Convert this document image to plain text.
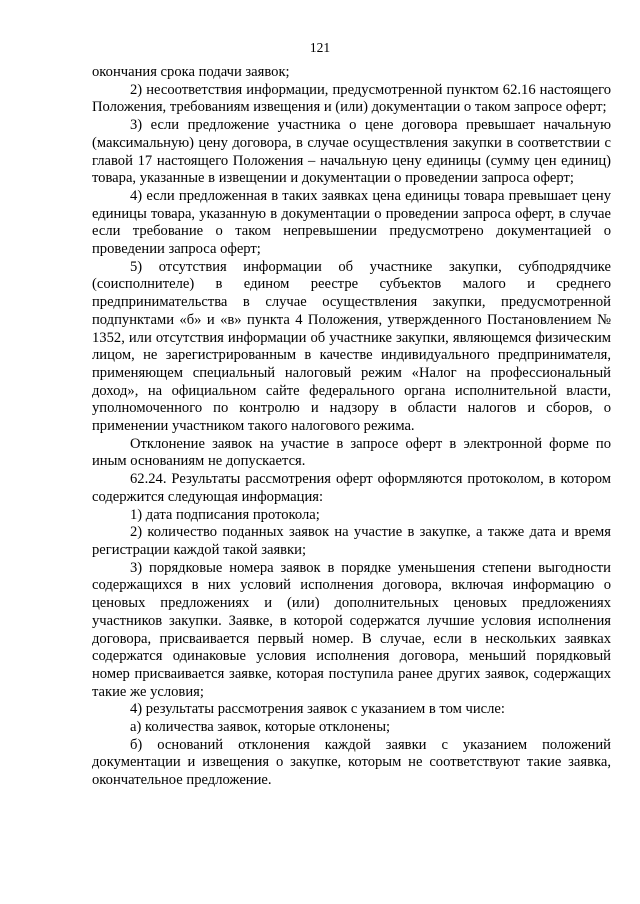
121

окончания срока подачи заявок;

2) несоответствия информации, предусмотренной пунктом 62.16 настоящего Положения, требованиям извещения и (или) документации о таком запросе оферт;

3) если предложение участника о цене договора превышает начальную (максимальную) цену договора, в случае осуществления закупки в соответствии с главой 17 настоящего Положения – начальную цену единицы (сумму цен единиц) товара, указанные в извещении и документации о проведении запроса оферт;

4) если предложенная в таких заявках цена единицы товара превышает цену единицы товара, указанную в документации о проведении запроса оферт, в случае если требование о таком непревышении предусмотрено документацией о проведении запроса оферт;

5) отсутствия информации об участнике закупки, субподрядчике (соисполнителе) в едином реестре субъектов малого и среднего предпринимательства в случае осуществления закупки, предусмотренной подпунктами «б» и «в» пункта 4 Положения, утвержденного Постановлением № 1352, или отсутствия информации об участнике закупки, являющемся физическим лицом, не зарегистрированным в качестве индивидуального предпринимателя, применяющем специальный налоговый режим «Налог на профессиональный доход», на официальном сайте федерального органа исполнительной власти, уполномоченного по контролю и надзору в области налогов и сборов, о применении участником такого налогового режима.

Отклонение заявок на участие в запросе оферт в электронной форме по иным основаниям не допускается.

62.24. Результаты рассмотрения оферт оформляются протоколом, в котором содержится следующая информация:

1) дата подписания протокола;

2) количество поданных заявок на участие в закупке, а также дата и время регистрации каждой такой заявки;

3) порядковые номера заявок в порядке уменьшения степени выгодности содержащихся в них условий исполнения договора, включая информацию о ценовых предложениях и (или) дополнительных ценовых предложениях участников закупки. Заявке, в которой содержатся лучшие условия исполнения договора, присваивается первый номер. В случае, если в нескольких заявках содержатся одинаковые условия исполнения договора, меньший порядковый номер присваивается заявке, которая поступила ранее других заявок, содержащих такие же условия;

4) результаты рассмотрения заявок с указанием в том числе:

а) количества заявок, которые отклонены;

б) оснований отклонения каждой заявки с указанием положений документации и извещения о закупке, которым не соответствуют такие заявка, окончательное предложение.
